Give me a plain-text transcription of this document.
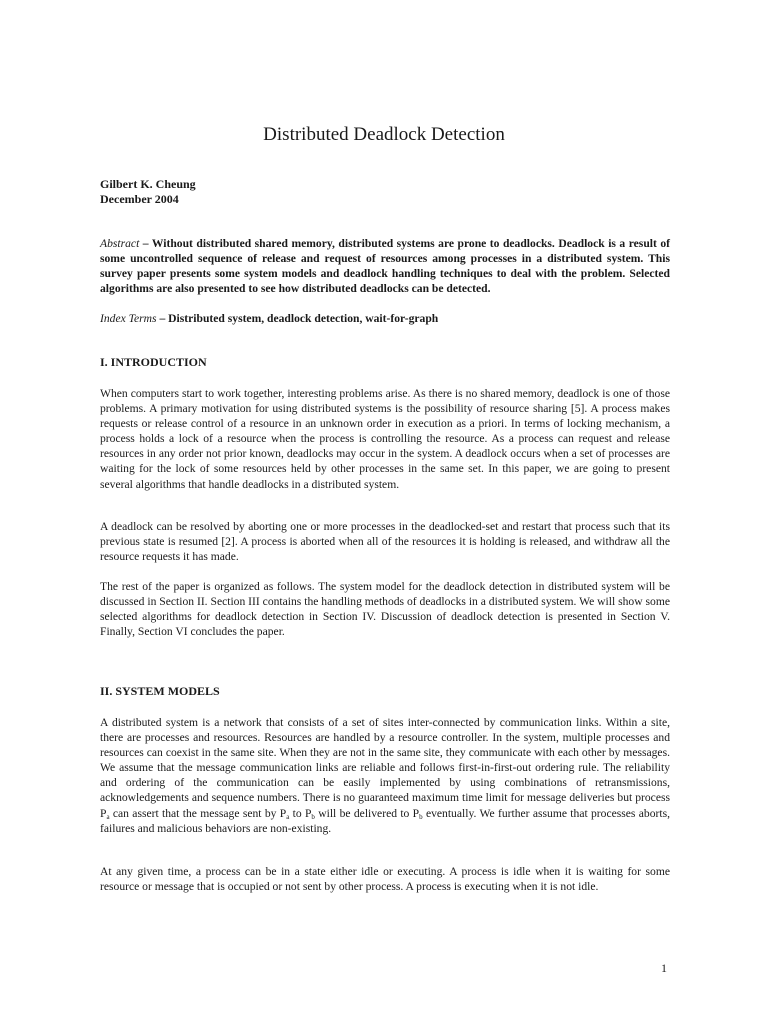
Distributed Deadlock Detection
Gilbert K. Cheung
December 2004

Abstract – Without distributed shared memory, distributed systems are prone to deadlocks. Deadlock is a result of some uncontrolled sequence of release and request of resources among processes in a distributed system. This survey paper presents some system models and deadlock handling techniques to deal with the problem. Selected algorithms are also presented to see how distributed deadlocks can be detected.

Index Terms – Distributed system, deadlock detection, wait-for-graph

I. INTRODUCTION

When computers start to work together, interesting problems arise. As there is no shared memory, deadlock is one of those problems. A primary motivation for using distributed systems is the possibility of resource sharing [5]. A process makes requests or release control of a resource in an unknown order in execution as a priori. In terms of locking mechanism, a process holds a lock of a resource when the process is controlling the resource. As a process can request and release resources in any order not prior known, deadlocks may occur in the system. A deadlock occurs when a set of processes are waiting for the lock of some resources held by other processes in the same set. In this paper, we are going to present several algorithms that handle deadlocks in a distributed system.

A deadlock can be resolved by aborting one or more processes in the deadlocked-set and restart that process such that its previous state is resumed [2]. A process is aborted when all of the resources it is holding is released, and withdraw all the resource requests it has made.

The rest of the paper is organized as follows. The system model for the deadlock detection in distributed system will be discussed in Section II. Section III contains the handling methods of deadlocks in a distributed system. We will show some selected algorithms for deadlock detection in Section IV. Discussion of deadlock detection is presented in Section V. Finally, Section VI concludes the paper.

II. SYSTEM MODELS

A distributed system is a network that consists of a set of sites inter-connected by communication links. Within a site, there are processes and resources. Resources are handled by a resource controller. In the system, multiple processes and resources can coexist in the same site. When they are not in the same site, they communicate with each other by messages. We assume that the message communication links are reliable and follows first-in-first-out ordering rule. The reliability and ordering of the communication can be easily implemented by using combinations of retransmissions, acknowledgements and sequence numbers. There is no guaranteed maximum time limit for message deliveries but process $P_a$ can assert that the message sent by $P_a$ to $P_b$ will be delivered to $P_b$ eventually. We further assume that processes aborts, failures and malicious behaviors are non-existing.

At any given time, a process can be in a state either idle or executing. A process is idle when it is waiting for some resource or message that is occupied or not sent by other process. A process is executing when it is not idle.

1
